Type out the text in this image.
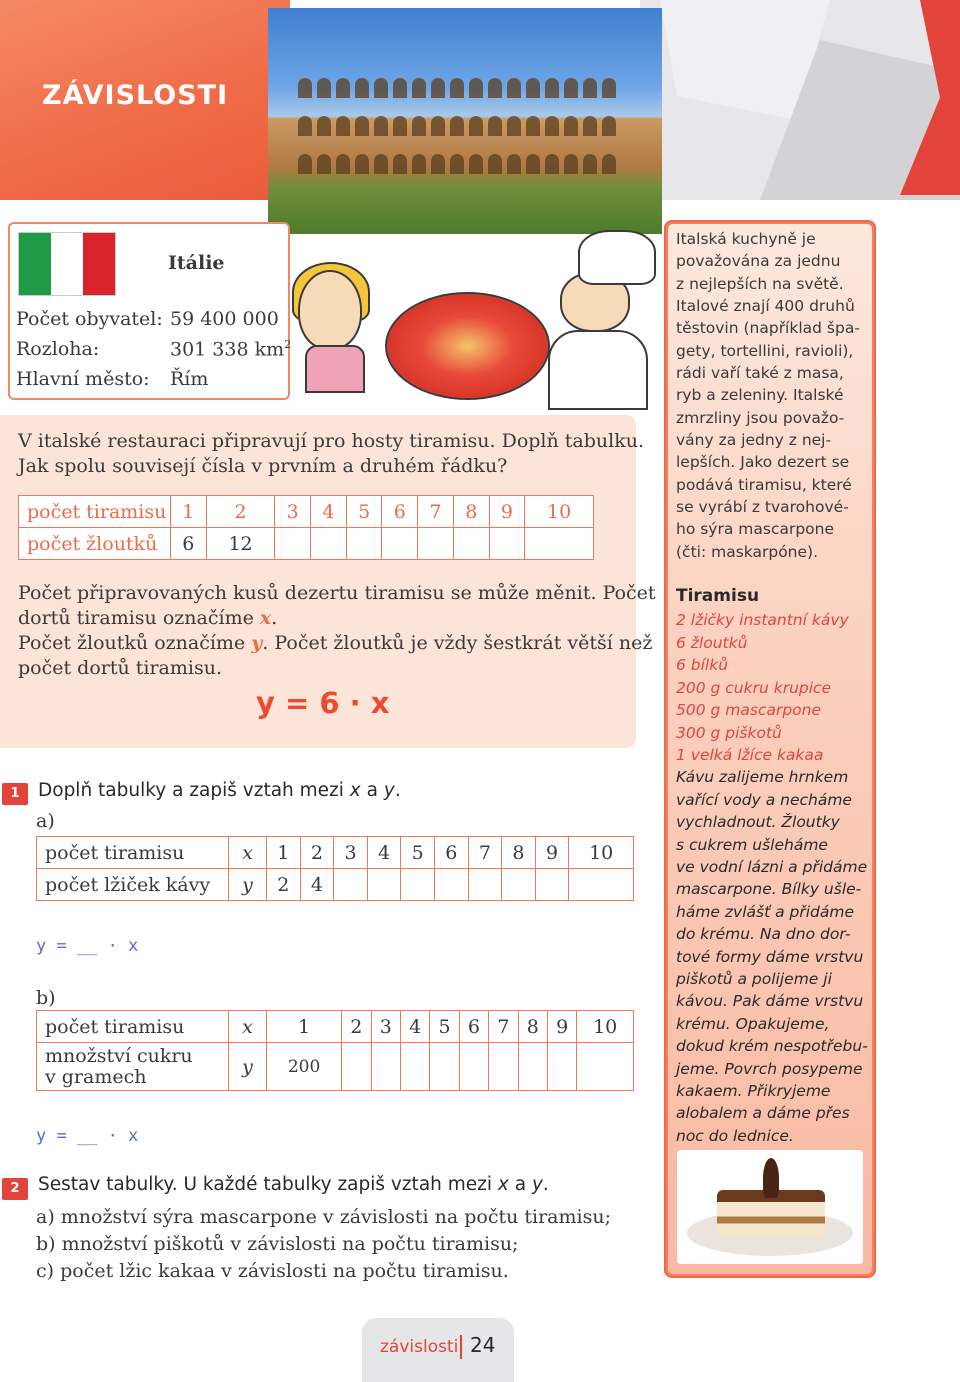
ZÁVISLOSTI
Itálie
Počet obyvatel: 59 400 000
Rozloha:	301 338 $km^2$
Hlavní město: Řím
V italské restauraci připravují pro hosty tiramisu. Doplň tabulku.
Jak spolu souvisejí čísla v prvním a druhém řádku?
počet tiramisu	1	2	3	4	5	6	7	8	9	10
počet žloutků	6	12								
Počet připravovaných kusů dezertu tiramisu se může měnit. Počet
dortů tiramisu označíme x.
Počet žloutků označíme y. Počet žloutků je vždy šestkrát větší než
počet dortů tiramisu.
y = 6 · x
1 Doplň tabulky a zapiš vztah mezi x a y.
a)
počet tiramisu	x	1	2	3	4	5	6	7	8	9	10
počet lžiček kávy	y	2	4								
y = __ · x
b)
počet tiramisu	x	1	2	3	4	5	6	7	8	9	10
množství cukru
v gramech	y	200									
y = __ · x
2 Sestav tabulky. U každé tabulky zapiš vztah mezi x a y.
a) množství sýra mascarpone v závislosti na počtu tiramisu;
b) množství piškotů v závislosti na počtu tiramisu;
c) počet lžic kakaa v závislosti na počtu tiramisu.
Italská kuchyně je
považována za jednu
z nejlepších na světě.
Italové znají 400 druhů
těstovin (například špa-
gety, tortellini, ravioli),
rádi vaří také z masa,
ryb a zeleniny. Italské
zmrzliny jsou považo-
vány za jedny z nej-
lepších. Jako dezert se
podává tiramisu, které
se vyrábí z tvarohové-
ho sýra mascarpone
(čti: maskarpóne).
Tiramisu
2 lžičky instantní kávy
6 žloutků
6 bílků
200 g cukru krupice
500 g mascarpone
300 g piškotů
1 velká lžíce kakaa
Kávu zalijeme hrnkem
vařící vody a necháme
vychladnout. Žloutky
s cukrem ušleháme
ve vodní lázni a přidáme
mascarpone. Bílky ušle-
háme zvlášť a přidáme
do krému. Na dno dor-
tové formy dáme vrstvu
piškotů a polijeme ji
kávou. Pak dáme vrstvu
krému. Opakujeme,
dokud krém nespotřebu-
jeme. Povrch posypeme
kakaem. Přikryjeme
alobalem a dáme přes
noc do lednice.
závislosti 24
